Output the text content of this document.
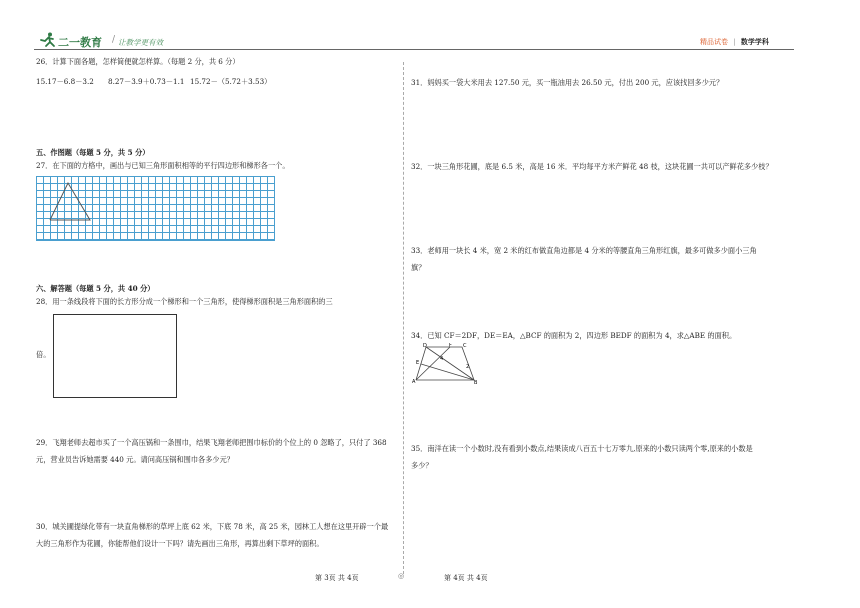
二一教育 让教学更有效
/	精品试卷 | 数学学科
26．计算下面各题，怎样简便就怎样算。（每题 2 分，共 6 分）
15.17－6.8－3.2 8.27－3.9＋0.73－1.1 15.72－（5.72＋3.53）
五、作图题（每题 5 分，共 5 分）
27．在下面的方格中，画出与已知三角形面积相等的平行四边形和梯形各一个。
六、解答题（每题 5 分，共 40 分）
28．用一条线段将下面的长方形分成一个梯形和一个三角形，使得梯形面积是三角形面积的三
倍。
29．飞翔老师去超市买了一个高压锅和一条围巾，结果飞翔老师把围巾标价的个位上的 0 忽略了，只付了 368
元，营业员告诉她需要 440 元。请问高压锅和围巾各多少元？
30．城关圃提绿化带有一块直角梯形的草坪上底 62 米，下底 78 米，高 25 米，园林工人想在这里开辟一个最
大的三角形作为花圃，你能帮他们设计一下吗？请先画出三角形，再算出剩下草坪的面积。
31．妈妈买一袋大米用去 127.50 元，买一瓶油用去 26.50 元，付出 200 元，应该找回多少元？
32．一块三角形花圃，底是 6.5 米，高是 16 米．平均每平方米产鲜花 48 枝，这块花圃一共可以产鲜花多少枝？
33．老师用一块长 4 米，宽 2 米的红布做直角边都是 4 分米的等腰直角三角形红旗，最多可做多少面小三角
旗？
34．已知 CF＝2DF，DE＝EA，△BCF 的面积为 2，四边形 BEDF 的面积为 4，求△ABE 的面积。
D	F C
E
A	B
4
2
35．南洋在读一个小数时,没有看到小数点,结果读成八百五十七万零九,原来的小数只读两个零,原来的小数是
多少？
第 3页 共 4页	◎	第 4页 共 4页
